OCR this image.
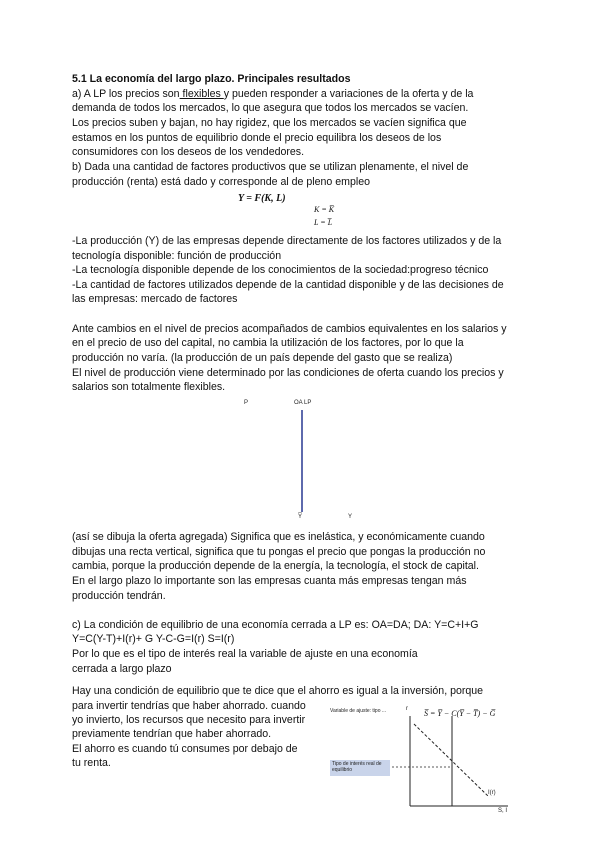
5.1 La economía del largo plazo. Principales resultados
a) A LP los precios son flexibles y pueden responder a variaciones de la oferta y de la
demanda de todos los mercados, lo que asegura que todos los mercados se vacíen.
Los precios suben y bajan, no hay rigidez, que los mercados se vacíen significa que
estamos en los puntos de equilibrio donde el precio equilibra los deseos de los
consumidores con los deseos de los vendedores.
b) Dada una cantidad de factores productivos que se utilizan plenamente, el nivel de
producción (renta) está dado y corresponde al de pleno empleo
Y = F(K, L)
K = K̅
L = L̅
-La producción (Y) de las empresas depende directamente de los factores utilizados y de la
tecnología disponible: función de producción
-La tecnología disponible depende de los conocimientos de la sociedad:progreso técnico
-La cantidad de factores utilizados depende de la cantidad disponible y de las decisiones de
las empresas: mercado de factores
Ante cambios en el nivel de precios acompañados de cambios equivalentes en los salarios y
en el precio de uso del capital, no cambia la utilización de los factores, por lo que la
producción no varía. (la producción de un país depende del gasto que se realiza)
El nivel de producción viene determinado por las condiciones de oferta cuando los precios y
salarios son totalmente flexibles.
P	OA LP
Y̅	Y
(así se dibuja la oferta agregada) Significa que es inelástica, y económicamente cuando
dibujas una recta vertical, significa que tu pongas el precio que pongas la producción no
cambia, porque la producción depende de la energía, la tecnología, el stock de capital.
En el largo plazo lo importante son las empresas cuanta más empresas tengan más
producción tendrán.
c) La condición de equilibrio de una economía cerrada a LP es: OA=DA; DA: Y=C+I+G
Y=C(Y-T)+I(r)+ G Y-C-G=I(r) S=I(r)
Por lo que es el tipo de interés real la variable de ajuste en una economía
cerrada a largo plazo
Hay una condición de equilibrio que te dice que el ahorro es igual a la inversión, porque
para invertir tendrías que haber ahorrado. cuando
yo invierto, los recursos que necesito para invertir
previamente tendrían que haber ahorrado.
El ahorro es cuando tú consumes por debajo de
tu renta.
Variable de ajuste: tipo ...	r S̅ = Y̅ − C(Y̅ − T̅) − G̅
Tipo de interés real de equilibrio
I(r)
S, I
